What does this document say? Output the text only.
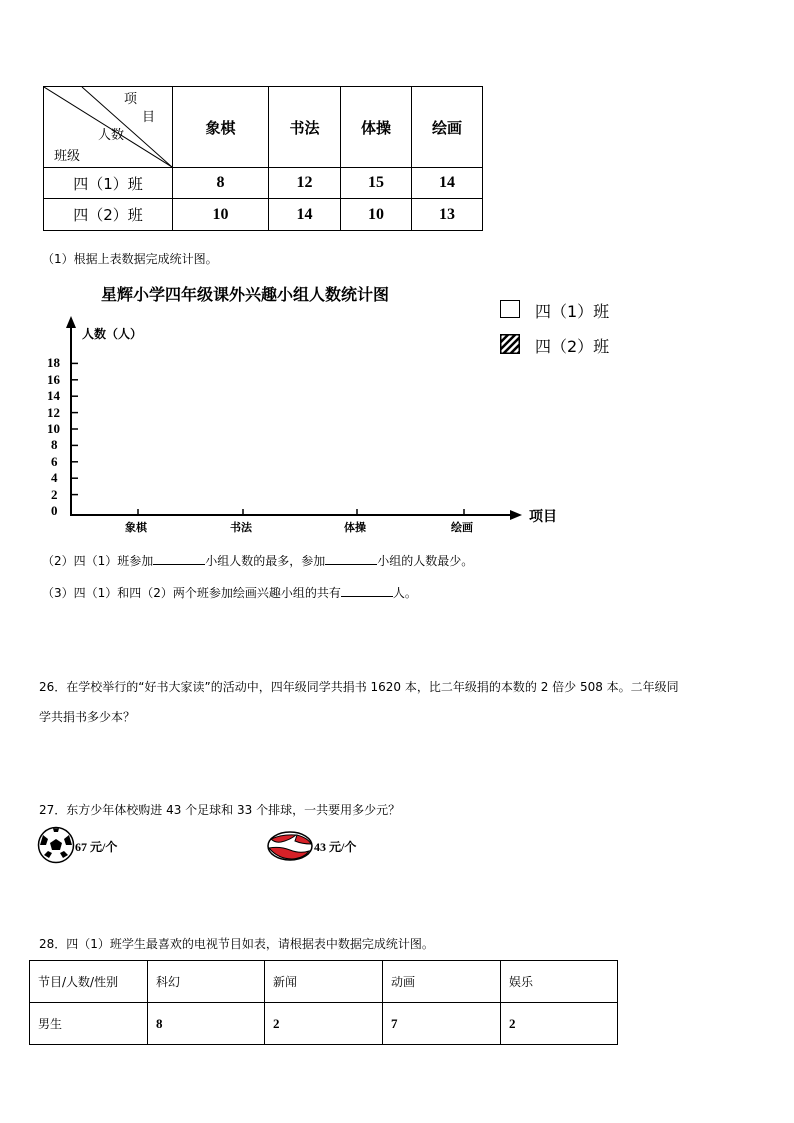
项
目
人数
班级	象棋	书法	体操	绘画
四（1）班	8	12	15	14
四（2）班	10	14	10	13
（1）根据上表数据完成统计图。
星辉小学四年级课外兴趣小组人数统计图
四（1）班
四（2）班
人数（人）
项目
0
2
4
6
8
10
12
14
16
18
象棋	书法	体操	绘画
（2）四（1）班参加	小组人数的最多，参加	小组的人数最少。
（3）四（1）和四（2）两个班参加绘画兴趣小组的共有	人。
26．在学校举行的“好书大家读”的活动中，四年级同学共捐书 1620 本，比二年级捐的本数的 2 倍少 508 本。二年级同
学共捐书多少本？
27．东方少年体校购进 43 个足球和 33 个排球，一共要用多少元？
67 元/个	43 元/个
28．四（1）班学生最喜欢的电视节目如表，请根据表中数据完成统计图。
节目/人数/性别	科幻	新闻	动画	娱乐
男生	8	2	7	2
